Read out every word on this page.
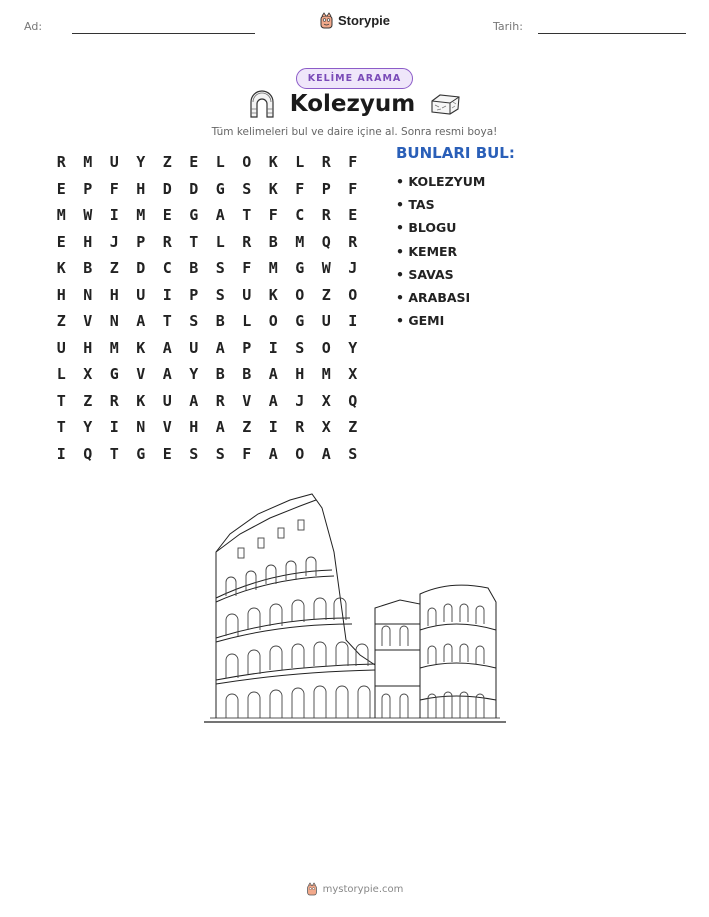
Ad:	Storypie	Tarih:
KELİME ARAMA
Kolezyum
Tüm kelimeleri bul ve daire içine al. Sonra resmi boya!
R	M	U	Y	Z	E	L	O	K	L	R	F
E	P	F	H	D	D	G	S	K	F	P	F
M	W	I	M	E	G	A	T	F	C	R	E
E	H	J	P	R	T	L	R	B	M	Q	R
K	B	Z	D	C	B	S	F	M	G	W	J
H	N	H	U	I	P	S	U	K	O	Z	O
Z	V	N	A	T	S	B	L	O	G	U	I
U	H	M	K	A	U	A	P	I	S	O	Y
L	X	G	V	A	Y	B	B	A	H	M	X
T	Z	R	K	U	A	R	V	A	J	X	Q
T	Y	I	N	V	H	A	Z	I	R	X	Z
I	Q	T	G	E	S	S	F	A	O	A	S
BUNLARI BUL:
• KOLEZYUM
• TAS
• BLOGU
• KEMER
• SAVAS
• ARABASI
• GEMI
mystorypie.com
